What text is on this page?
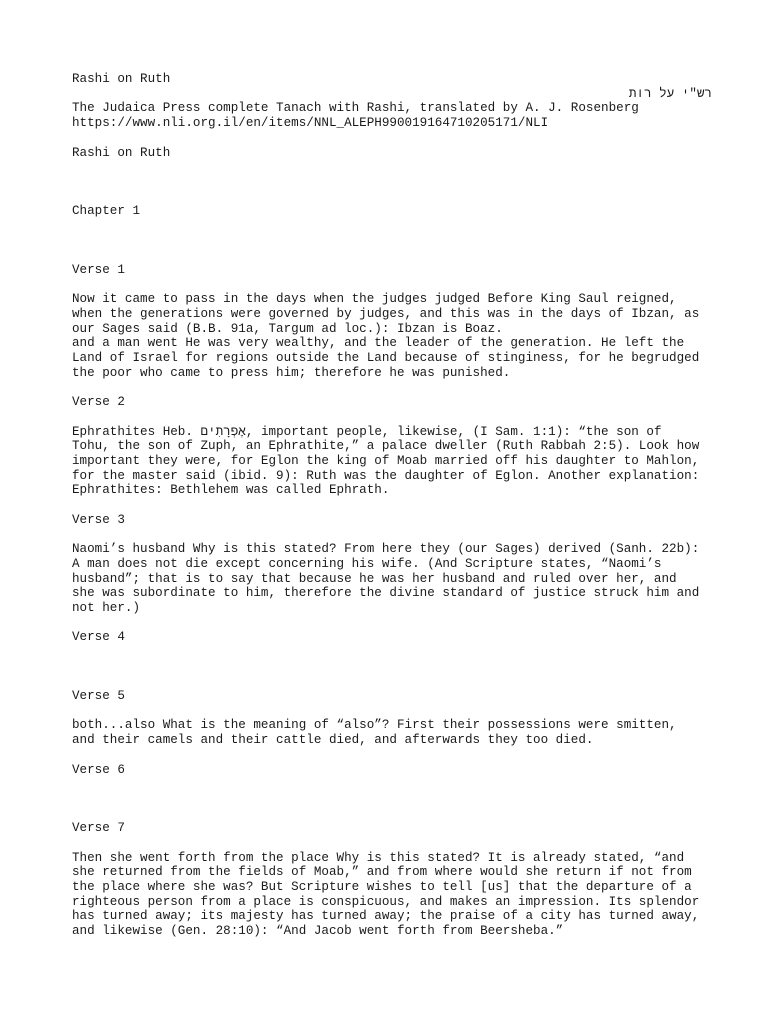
Rashi on Ruth
רש"י על רות
The Judaica Press complete Tanach with Rashi, translated by A. J. Rosenberg
https://www.nli.org.il/en/items/NNL_ALEPH990019164710205171/NLI
Rashi on Ruth
Chapter 1
Verse 1
Now it came to pass in the days when the judges judged Before King Saul reigned,
when the generations were governed by judges, and this was in the days of Ibzan, as
our Sages said (B.B. 91a, Targum ad loc.): Ibzan is Boaz.
and a man went He was very wealthy, and the leader of the generation. He left the
Land of Israel for regions outside the Land because of stinginess, for he begrudged
the poor who came to press him; therefore he was punished.
Verse 2
Ephrathites Heb. אֶפְרָתִים, important people, likewise, (I Sam. 1:1): “the son of
Tohu, the son of Zuph, an Ephrathite,” a palace dweller (Ruth Rabbah 2:5). Look how
important they were, for Eglon the king of Moab married off his daughter to Mahlon,
for the master said (ibid. 9): Ruth was the daughter of Eglon. Another explanation:
Ephrathites: Bethlehem was called Ephrath.
Verse 3
Naomi’s husband Why is this stated? From here they (our Sages) derived (Sanh. 22b):
A man does not die except concerning his wife. (And Scripture states, “Naomi’s
husband”; that is to say that because he was her husband and ruled over her, and
she was subordinate to him, therefore the divine standard of justice struck him and
not her.)
Verse 4
Verse 5
both...also What is the meaning of “also”? First their possessions were smitten,
and their camels and their cattle died, and afterwards they too died.
Verse 6
Verse 7
Then she went forth from the place Why is this stated? It is already stated, “and
she returned from the fields of Moab,” and from where would she return if not from
the place where she was? But Scripture wishes to tell [us] that the departure of a
righteous person from a place is conspicuous, and makes an impression. Its splendor
has turned away; its majesty has turned away; the praise of a city has turned away,
and likewise (Gen. 28:10): “And Jacob went forth from Beersheba.”
